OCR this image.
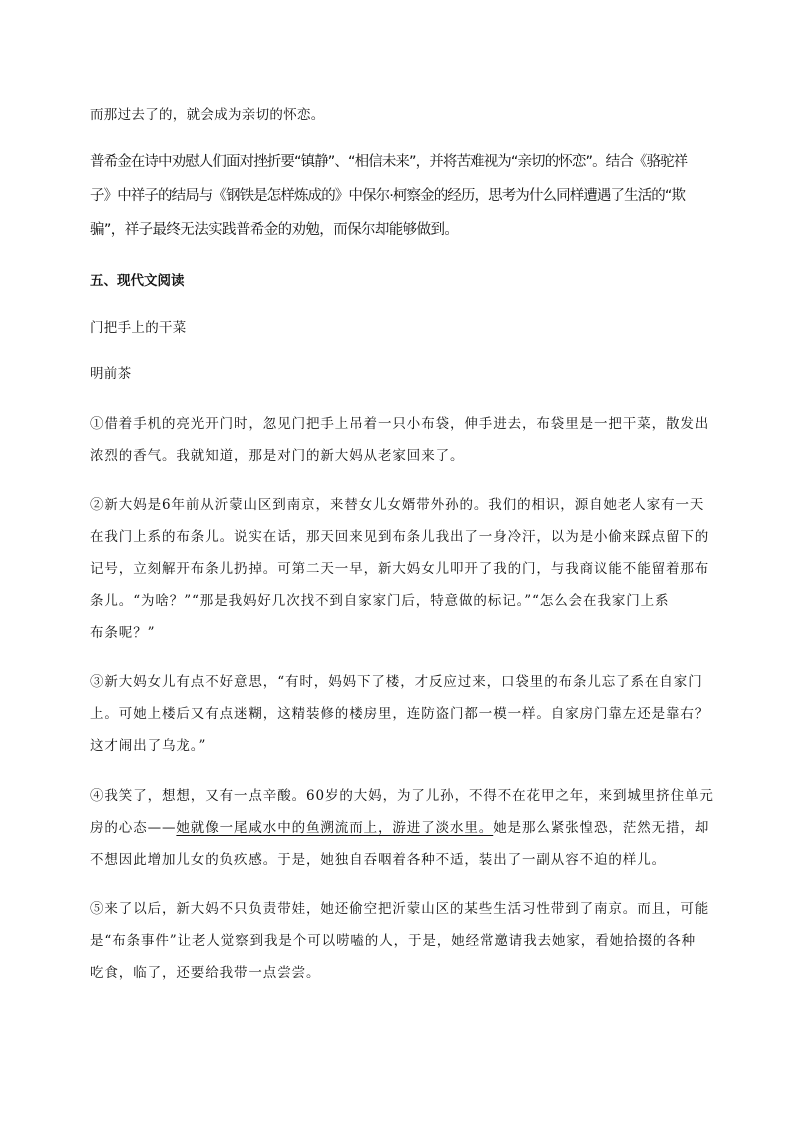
而那过去了的，就会成为亲切的怀恋。

普希金在诗中劝慰人们面对挫折要“镇静”、“相信未来”，并将苦难视为“亲切的怀恋”。结合《骆驼祥

子》中祥子的结局与《钢铁是怎样炼成的》中保尔·柯察金的经历，思考为什么同样遭遇了生活的“欺

骗”，祥子最终无法实践普希金的劝勉，而保尔却能够做到。

五、现代文阅读

门把手上的干菜

明前茶

①借着手机的亮光开门时，忽见门把手上吊着一只小布袋，伸手进去，布袋里是一把干菜，散发出

浓烈的香气。我就知道，那是对门的新大妈从老家回来了。

②新大妈是6年前从沂蒙山区到南京，来替女儿女婿带外孙的。我们的相识，源自她老人家有一天

在我门上系的布条儿。说实在话，那天回来见到布条儿我出了一身冷汗，以为是小偷来踩点留下的

记号，立刻解开布条儿扔掉。可第二天一早，新大妈女儿叩开了我的门，与我商议能不能留着那布

条儿。“为啥？”“那是我妈好几次找不到自家家门后，特意做的标记。”“怎么会在我家门上系

布条呢？”

③新大妈女儿有点不好意思，“有时，妈妈下了楼，才反应过来，口袋里的布条儿忘了系在自家门

上。可她上楼后又有点迷糊，这精装修的楼房里，连防盗门都一模一样。自家房门靠左还是靠右？

这才闹出了乌龙。”

④我笑了，想想，又有一点辛酸。60岁的大妈，为了儿孙，不得不在花甲之年，来到城里挤住单元

房的心态——她就像一尾咸水中的鱼溯流而上，游进了淡水里。她是那么紧张惶恐，茫然无措，却

不想因此增加儿女的负疚感。于是，她独自吞咽着各种不适，装出了一副从容不迫的样儿。

⑤来了以后，新大妈不只负责带娃，她还偷空把沂蒙山区的某些生活习性带到了南京。而且，可能

是“布条事件”让老人觉察到我是个可以唠嗑的人，于是，她经常邀请我去她家，看她拾掇的各种

吃食，临了，还要给我带一点尝尝。
